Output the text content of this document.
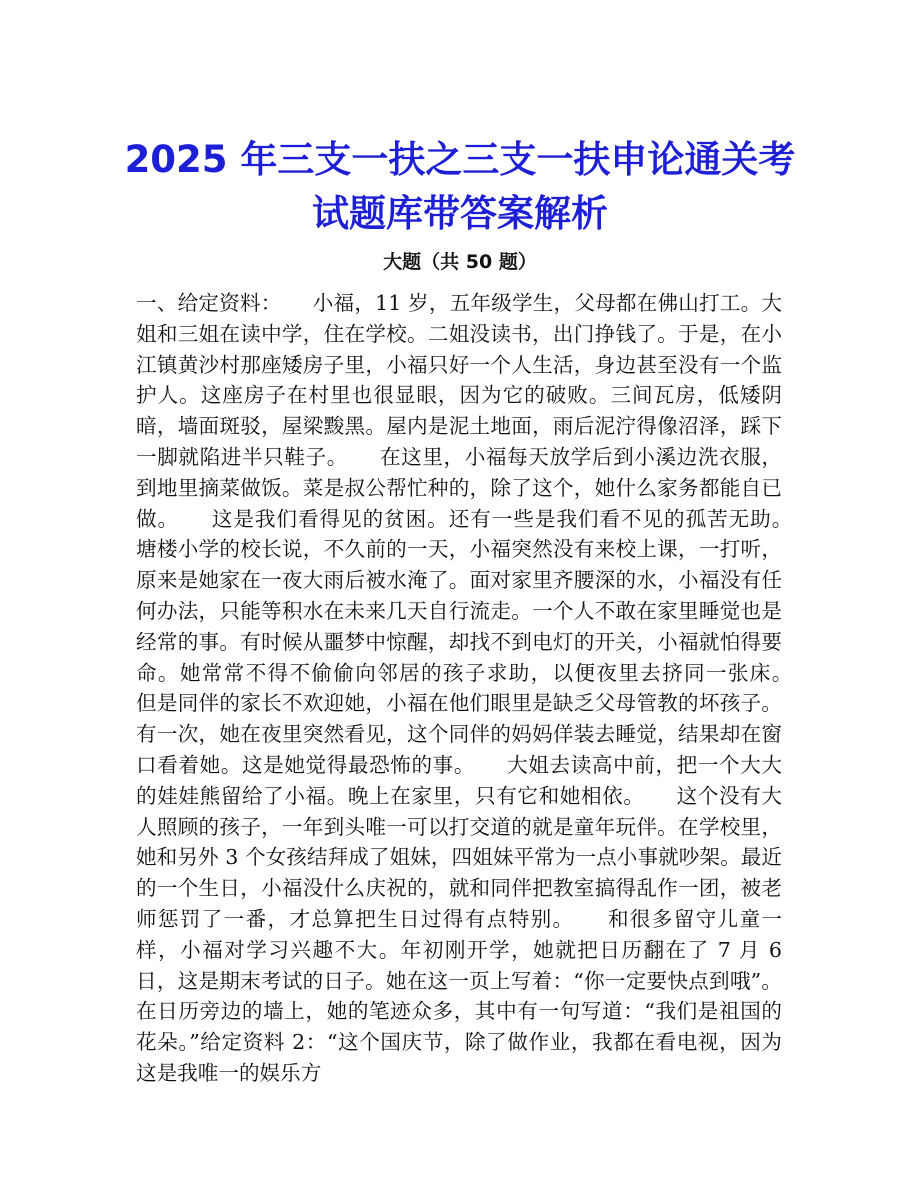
2025 年三支一扶之三支一扶申论通关考试题库带答案解析
大题（共 50 题）
一、给定资料：　　小福，11 岁，五年级学生，父母都在佛山打工。大姐和三姐在读中学，住在学校。二姐没读书，出门挣钱了。于是，在小江镇黄沙村那座矮房子里，小福只好一个人生活，身边甚至没有一个监护人。这座房子在村里也很显眼，因为它的破败。三间瓦房，低矮阴暗，墙面斑驳，屋梁黢黑。屋内是泥土地面，雨后泥泞得像沼泽，踩下一脚就陷进半只鞋子。　　在这里，小福每天放学后到小溪边洗衣服，到地里摘菜做饭。菜是叔公帮忙种的，除了这个，她什么家务都能自已做。　　这是我们看得见的贫困。还有一些是我们看不见的孤苦无助。　　塘楼小学的校长说，不久前的一天，小福突然没有来校上课，一打听，原来是她家在一夜大雨后被水淹了。面对家里齐腰深的水，小福没有任何办法，只能等积水在未来几天自行流走。一个人不敢在家里睡觉也是经常的事。有时候从噩梦中惊醒，却找不到电灯的开关，小福就怕得要命。她常常不得不偷偷向邻居的孩子求助，以便夜里去挤同一张床。　　但是同伴的家长不欢迎她，小福在他们眼里是缺乏父母管教的坏孩子。有一次，她在夜里突然看见，这个同伴的妈妈佯装去睡觉，结果却在窗口看着她。这是她觉得最恐怖的事。　　大姐去读高中前，把一个大大的娃娃熊留给了小福。晚上在家里，只有它和她相依。　　这个没有大人照顾的孩子，一年到头唯一可以打交道的就是童年玩伴。在学校里，她和另外 3 个女孩结拜成了姐妹，四姐妹平常为一点小事就吵架。最近的一个生日，小福没什么庆祝的，就和同伴把教室搞得乱作一团，被老师惩罚了一番，才总算把生日过得有点特别。　　和很多留守儿童一样，小福对学习兴趣不大。年初刚开学，她就把日历翻在了 7 月 6 日，这是期末考试的日子。她在这一页上写着：“你一定要快点到哦”。在日历旁边的墙上，她的笔迹众多，其中有一句写道：“我们是祖国的花朵。”给定资料 2：“这个国庆节，除了做作业，我都在看电视，因为这是我唯一的娱乐方
